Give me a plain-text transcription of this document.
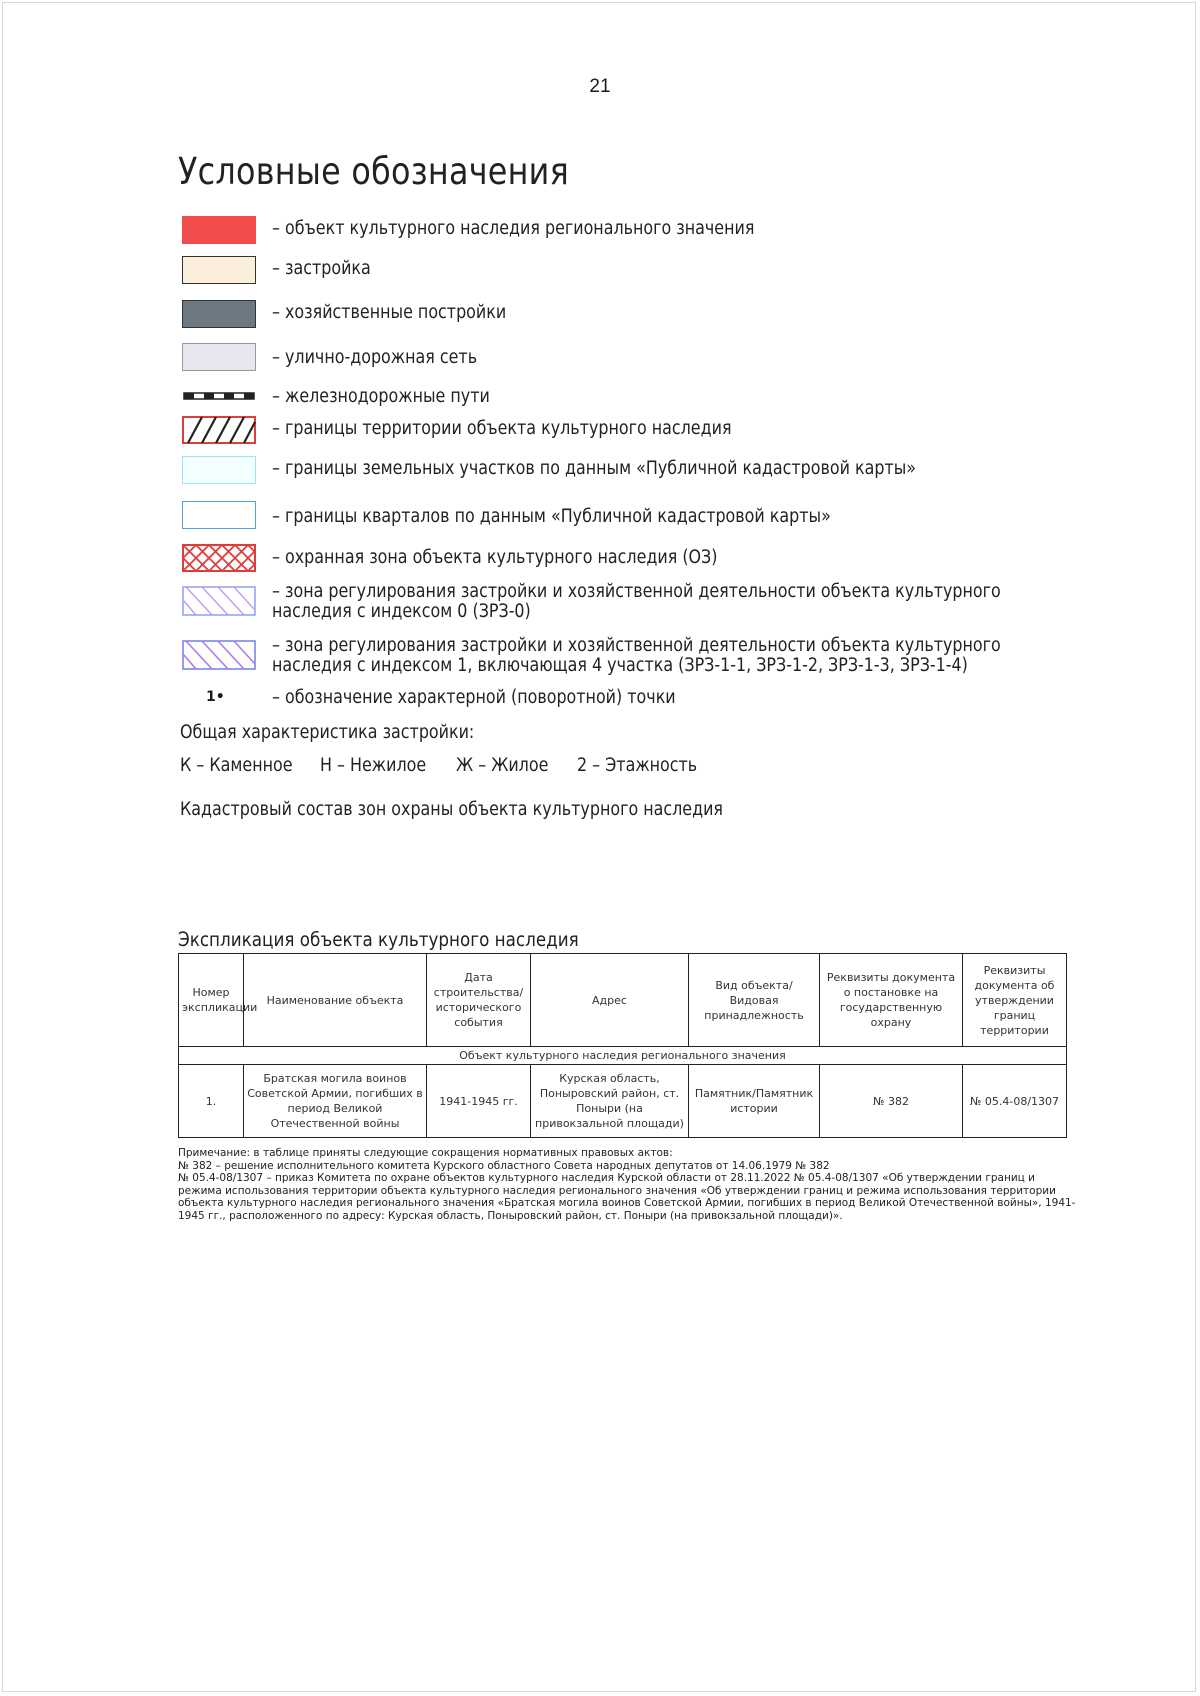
21
Условные обозначения
– объект культурного наследия регионального значения
– застройка
– хозяйственные постройки
– улично-дорожная сеть
– железнодорожные пути
– границы территории объекта культурного наследия
– границы земельных участков по данным «Публичной кадастровой карты»
– границы кварталов по данным «Публичной кадастровой карты»
– охранная зона объекта культурного наследия (ОЗ)
– зона регулирования застройки и хозяйственной деятельности объекта культурного наследия с индексом 0 (ЗРЗ-0)
– зона регулирования застройки и хозяйственной деятельности объекта культурного наследия с индексом 1, включающая 4 участка (ЗРЗ-1-1, ЗРЗ-1-2, ЗРЗ-1-3, ЗРЗ-1-4)
1•	– обозначение характерной (поворотной) точки
Общая характеристика застройки:
К – Каменное Н – Нежилое Ж – Жилое 2 – Этажность
Кадастровый состав зон охраны объекта культурного наследия
Экспликация объекта культурного наследия
Номер экспликации	Наименование объекта	Дата строительства/ исторического события	Адрес	Вид объекта/Видовая принадлежность	Реквизиты документа о постановке на государственную охрану	Реквизиты документа об утверждении границ территории
Объект культурного наследия регионального значения						
1.	Братская могила воинов Советской Армии, погибших в период Великой Отечественной войны	1941-1945 гг.	Курская область, Поныровский район, ст. Поныри (на привокзальной площади)	Памятник/Памятник истории	№ 382	№ 05.4-08/1307
Примечание: в таблице приняты следующие сокращения нормативных правовых актов:
№ 382 – решение исполнительного комитета Курского областного Совета народных депутатов от 14.06.1979 № 382
№ 05.4-08/1307 – приказ Комитета по охране объектов культурного наследия Курской области от 28.11.2022 № 05.4-08/1307 «Об утверждении границ и режима использования территории объекта культурного наследия регионального значения «Об утверждении границ и режима использования территории объекта культурного наследия регионального значения «Братская могила воинов Советской Армии, погибших в период Великой Отечественной войны», 1941-1945 гг., расположенного по адресу: Курская область, Поныровский район, ст. Поныри (на привокзальной площади)».
